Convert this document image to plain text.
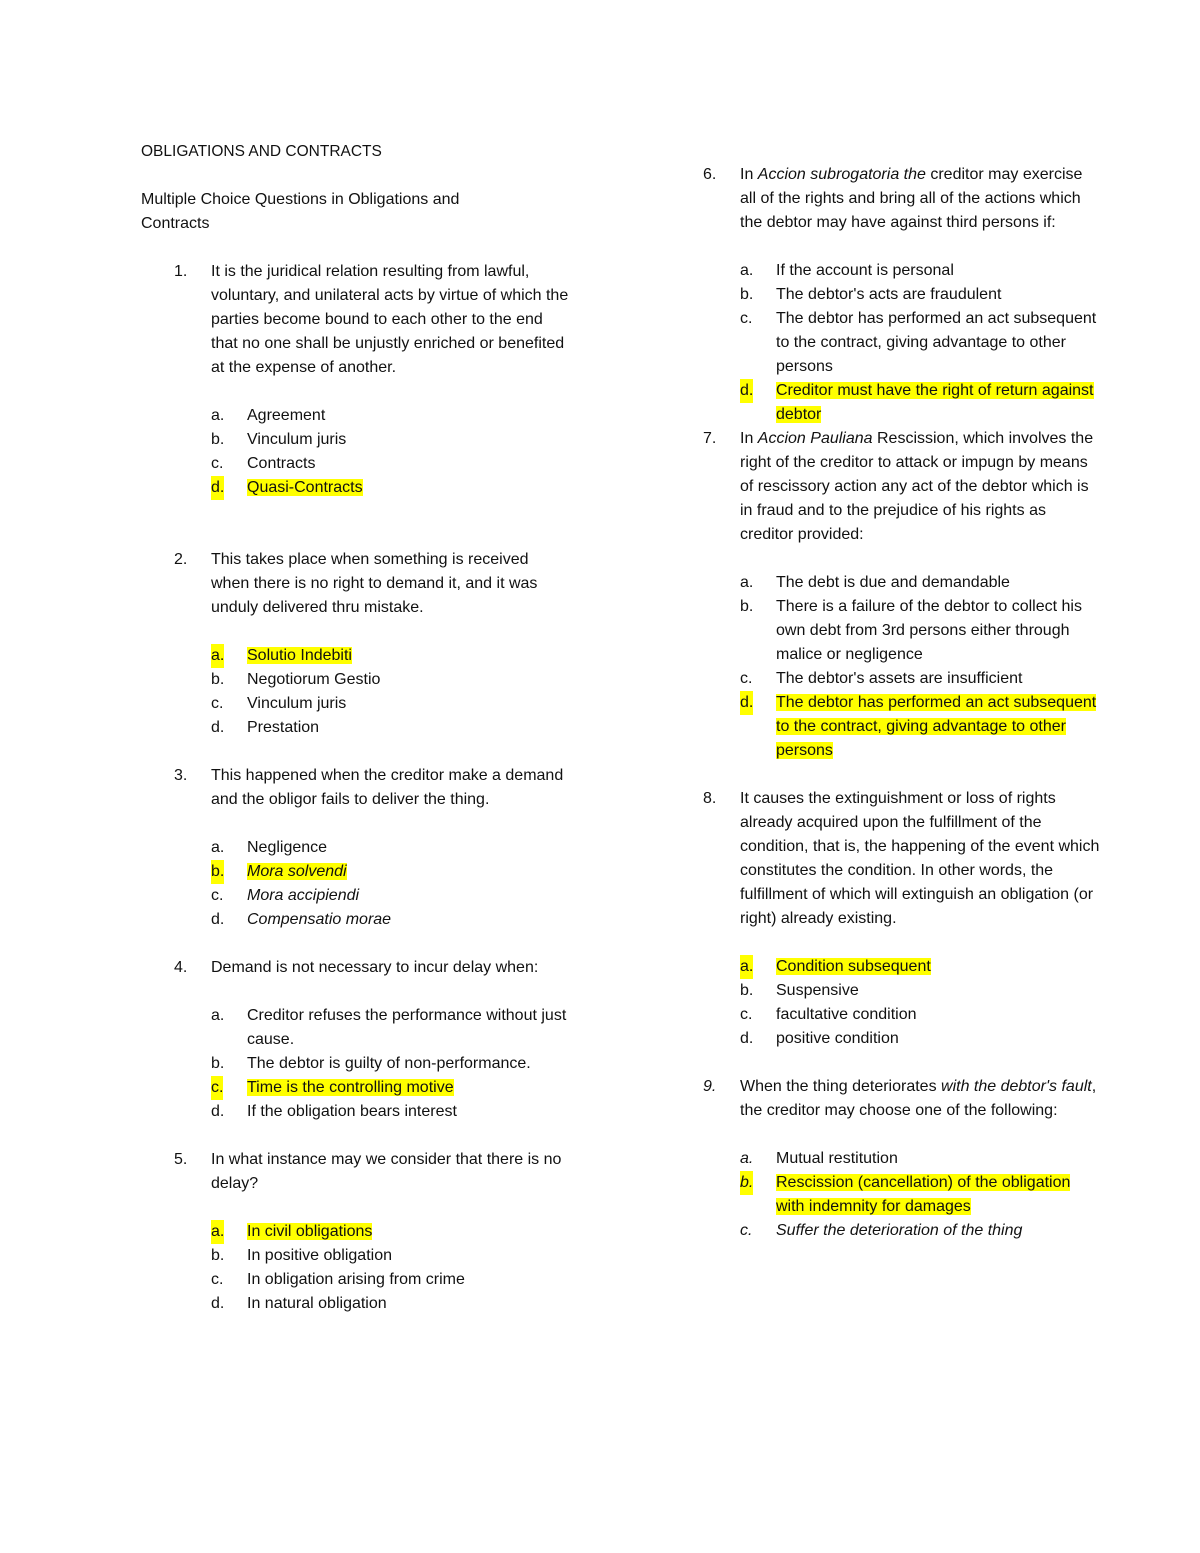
OBLIGATIONS AND CONTRACTS
Multiple Choice Questions in Obligations and
Contracts
1. It is the juridical relation resulting from lawful, voluntary, and unilateral acts by virtue of which the parties become bound to each other to the end that no one shall be unjustly enriched or benefited at the expense of another.
a. Agreement
b. Vinculum juris
c. Contracts
d. Quasi-Contracts
2. This takes place when something is received when there is no right to demand it, and it was unduly delivered thru mistake.
a. Solutio Indebiti
b. Negotiorum Gestio
c. Vinculum juris
d. Prestation
3. This happened when the creditor make a demand and the obligor fails to deliver the thing.
a. Negligence
b. Mora solvendi
c. Mora accipiendi
d. Compensatio morae
4. Demand is not necessary to incur delay when:
a. Creditor refuses the performance without just cause.
b. The debtor is guilty of non-performance.
c. Time is the controlling motive
d. If the obligation bears interest
5. In what instance may we consider that there is no delay?
a. In civil obligations
b. In positive obligation
c. In obligation arising from crime
d. In natural obligation
6. In Accion subrogatoria the creditor may exercise all of the rights and bring all of the actions which the debtor may have against third persons if:
a. If the account is personal
b. The debtor's acts are fraudulent
c. The debtor has performed an act subsequent to the contract, giving advantage to other persons
d. Creditor must have the right of return against debtor
7. In Accion Pauliana Rescission, which involves the right of the creditor to attack or impugn by means of rescissory action any act of the debtor which is in fraud and to the prejudice of his rights as creditor provided:
a. The debt is due and demandable
b. There is a failure of the debtor to collect his own debt from 3rd persons either through malice or negligence
c. The debtor's assets are insufficient
d. The debtor has performed an act subsequent to the contract, giving advantage to other persons
8. It causes the extinguishment or loss of rights already acquired upon the fulfillment of the condition, that is, the happening of the event which constitutes the condition. In other words, the fulfillment of which will extinguish an obligation (or right) already existing.
a. Condition subsequent
b. Suspensive
c. facultative condition
d. positive condition
9. When the thing deteriorates with the debtor's fault, the creditor may choose one of the following:
a. Mutual restitution
b. Rescission (cancellation) of the obligation with indemnity for damages
c. Suffer the deterioration of the thing
